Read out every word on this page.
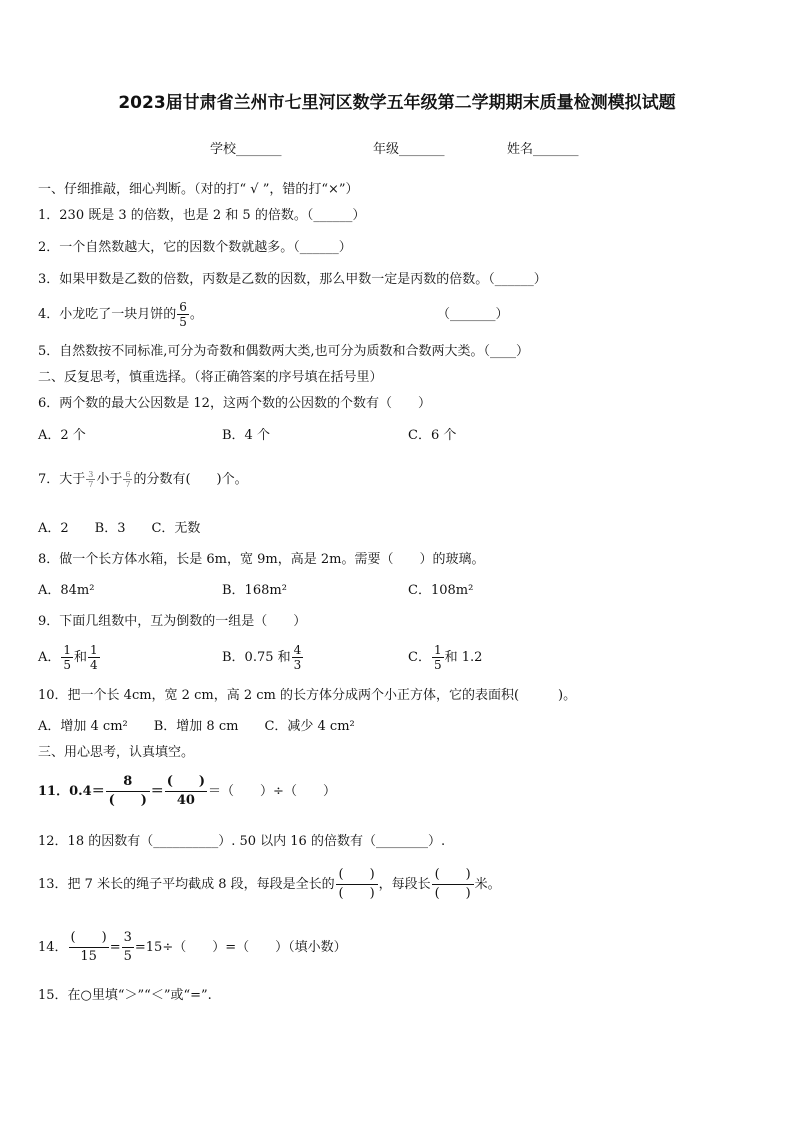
2023届甘肃省兰州市七里河区数学五年级第二学期期末质量检测模拟试题
学校_______	年级_______	姓名_______
一、仔细推敲，细心判断。（对的打“ √ ”，错的打“×”）
1．230 既是 3 的倍数，也是 2 和 5 的倍数。（______）
2．一个自然数越大，它的因数个数就越多。（______）
3．如果甲数是乙数的倍数，丙数是乙数的因数，那么甲数一定是丙数的倍数。（______）
4．小龙吃了一块月饼的 $\frac{6}{5}$ 。	（_______）
5．自然数按不同标准,可分为奇数和偶数两大类,也可分为质数和合数两大类。（____）
二、反复思考，慎重选择。（将正确答案的序号填在括号里）
6．两个数的最大公因数是 12，这两个数的公因数的个数有（　　）
A．2 个	B．4 个	C．6 个
7．大于 $\frac{3}{7}$ 小于 $\frac{6}{7}$ 的分数有(　　)个。
A．2　　B．3　　C．无数
8．做一个长方体水箱，长是 6m，宽 9m，高是 2m。需要（　　）的玻璃。
A．84m²	B．168m²	C．108m²
9．下面几组数中，互为倒数的一组是（　　）
A． $\frac{1}{5}$ 和 $\frac{1}{4}$	B．0.75 和 $\frac{4}{3}$	C． $\frac{1}{5}$ 和 1.2
10．把一个长 4cm，宽 2 cm，高 2 cm 的长方体分成两个小正方体，它的表面积(　　　)。
A．增加 4 cm²　　B．增加 8 cm　　C．减少 4 cm²
三、用心思考，认真填空。
11．$0.4= \frac{8}{( )} = \frac{( )}{40}$ ＝（　　）÷（　　）
12．18 的因数有（__________）. 50 以内 16 的倍数有（________）.
13．把 7 米长的绳子平均截成 8 段，每段是全长的 $\frac{( )}{( )}$ ，每段长 $\frac{( )}{( )}$ 米。
14． $\frac{( )}{15} = \frac{3}{5} =15\div$（　　）=（　　）（填小数）
15．在○里填“＞”“＜”或“=”.
